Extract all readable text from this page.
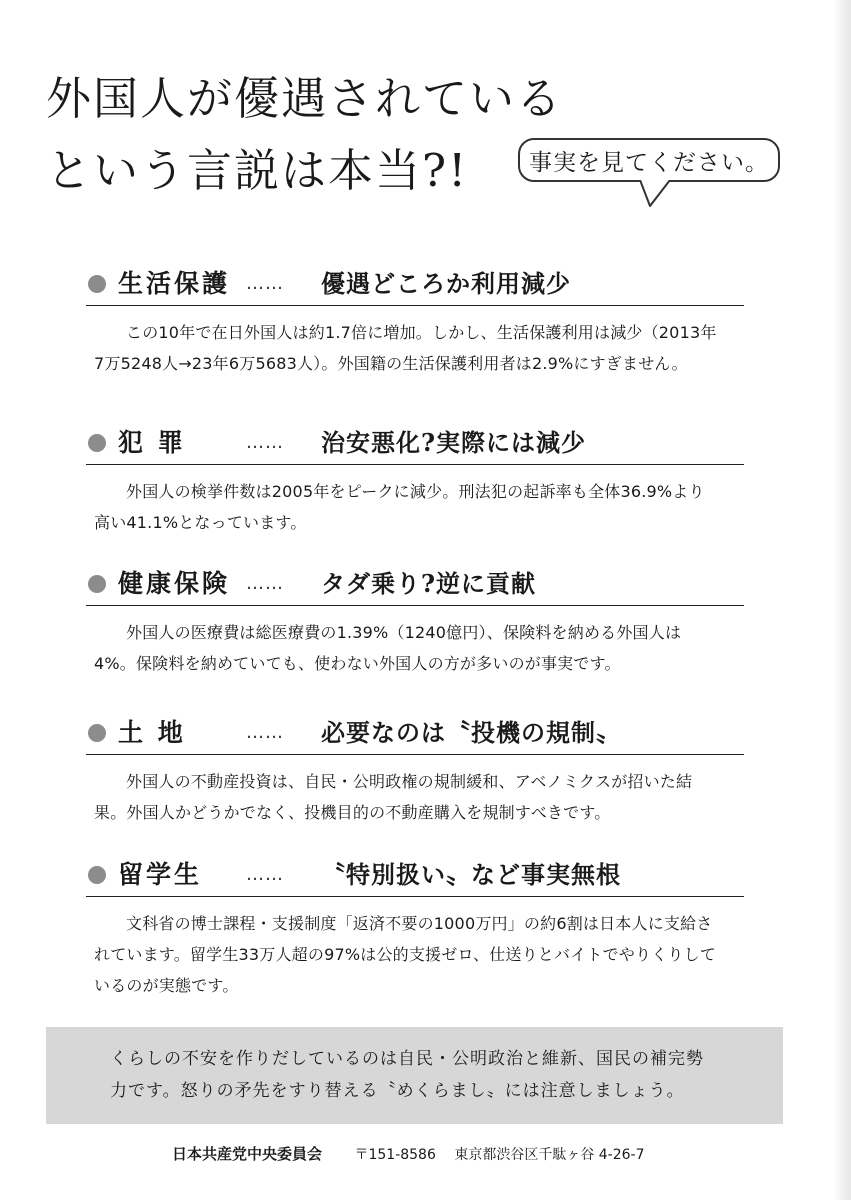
外国人が優遇されている
という言説は本当?!	事実を見てください。
生活保護 …… 優遇どころか利用減少

この10年で在日外国人は約1.7倍に増加。しかし、生活保護利用は減少（2013年7万5248人→23年6万5683人）。外国籍の生活保護利用者は2.9%にすぎません。

犯 罪	…… 治安悪化?実際には減少

外国人の検挙件数は2005年をピークに減少。刑法犯の起訴率も全体36.9%より高い41.1%となっています。

健康保険 …… タダ乗り?逆に貢献

外国人の医療費は総医療費の1.39%（1240億円）、保険料を納める外国人は4%。保険料を納めていても、使わない外国人の方が多いのが事実です。

土 地	…… 必要なのは〝投機の規制〟

外国人の不動産投資は、自民・公明政権の規制緩和、アベノミクスが招いた結果。外国人かどうかでなく、投機目的の不動産購入を規制すべきです。

留学生 …… 〝特別扱い〟など事実無根

文科省の博士課程・支援制度「返済不要の1000万円」の約6割は日本人に支給されています。留学生33万人超の97%は公的支援ゼロ、仕送りとバイトでやりくりしているのが実態です。

くらしの不安を作りだしているのは自民・公明政治と維新、国民の補完勢力です。怒りの矛先をすり替える〝めくらまし〟には注意しましょう。

日本共産党中央委員会 〒151-8586 東京都渋谷区千駄ヶ谷 4-26-7
